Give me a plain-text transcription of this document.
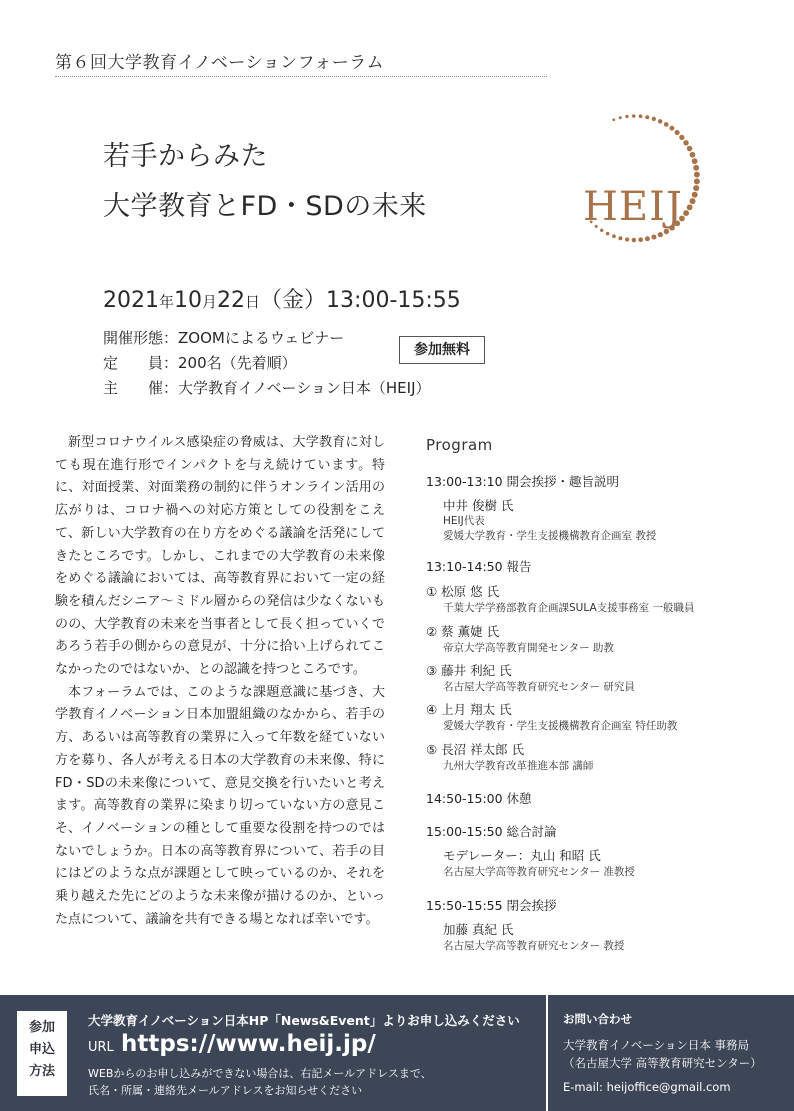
第６回大学教育イノベーションフォーラム
若手からみた
大学教育とFD・SDの未来	HEIJ
2021年10月22日（金）13:00-15:55
開催形態：ZOOMによるウェビナー
定　　員：200名（先着順）
主　　催：大学教育イノベーション日本（HEIJ）
参加無料

新型コロナウイルス感染症の脅威は、大学教育に対しても現在進行形でインパクトを与え続けています。特に、対面授業、対面業務の制約に伴うオンライン活用の広がりは、コロナ禍への対応方策としての役割をこえて、新しい大学教育の在り方をめぐる議論を活発にしてきたところです。しかし、これまでの大学教育の未来像をめぐる議論においては、高等教育界において一定の経験を積んだシニア〜ミドル層からの発信は少なくないものの、大学教育の未来を当事者として長く担っていくであろう若手の側からの意見が、十分に拾い上げられてこなかったのではないか、との認識を持つところです。

本フォーラムでは、このような課題意識に基づき、大学教育イノベーション日本加盟組織のなかから、若手の方、あるいは高等教育の業界に入って年数を経ていない方を募り、各人が考える日本の大学教育の未来像、特にFD・SDの未来像について、意見交換を行いたいと考えます。高等教育の業界に染まり切っていない方の意見こそ、イノベーションの種として重要な役割を持つのではないでしょうか。日本の高等教育界について、若手の目にはどのような点が課題として映っているのか、それを乗り越えた先にどのような未来像が描けるのか、といった点について、議論を共有できる場となれば幸いです。

Program
13:00-13:10 開会挨拶・趣旨説明
中井 俊樹 氏
HEIJ代表
愛媛大学教育・学生支援機構教育企画室 教授
13:10-14:50 報告
① 松原 悠 氏
千葉大学学務部教育企画課SULA支援事務室 一般職員
② 蔡 薫婕 氏
帝京大学高等教育開発センター 助教
③ 藤井 利紀 氏
名古屋大学高等教育研究センター 研究員
④ 上月 翔太 氏
愛媛大学教育・学生支援機構教育企画室 特任助教
⑤ 長沼 祥太郎 氏
九州大学教育改革推進本部 講師
14:50-15:00 休憩
15:00-15:50 総合討論
モデレーター：丸山 和昭 氏
名古屋大学高等教育研究センター 准教授
15:50-15:55 閉会挨拶
加藤 真紀 氏
名古屋大学高等教育研究センター 教授
参加
申込
方法
大学教育イノベーション日本HP「News&Event」よりお申し込みください
URL https://www.heij.jp/
WEBからのお申し込みができない場合は、右記メールアドレスまで、
氏名・所属・連絡先メールアドレスをお知らせください
お問い合わせ
大学教育イノベーション日本 事務局
（名古屋大学 高等教育研究センター）
E-mail: heijoffice@gmail.com
